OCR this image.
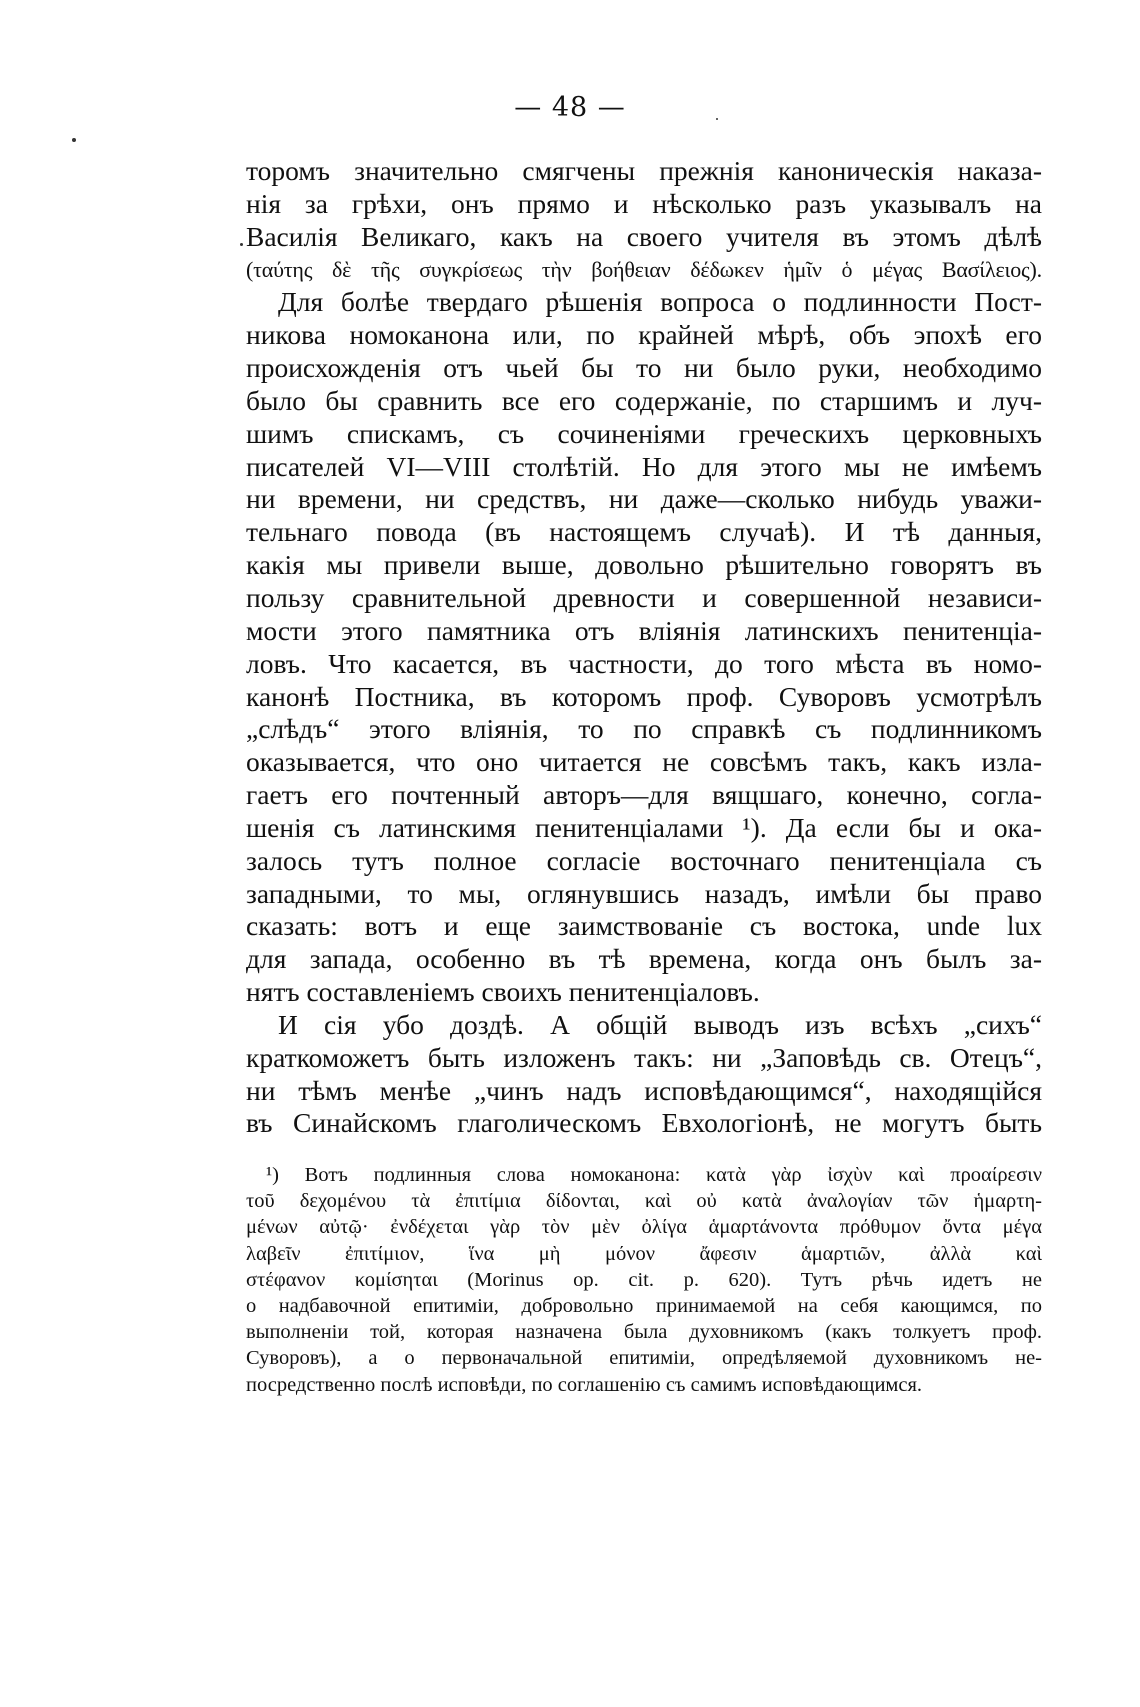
— 48 —
торомъ значительно смягчены прежнія каноническія наказа-
нія за грѣхи, онъ прямо и нѣсколько разъ указывалъ на
Василія Великаго, какъ на своего учителя въ этомъ дѣлѣ
(ταύτης δὲ τῆς συγκρίσεως τὴν βοήθειαν δέδωκεν ἡμῖν ὁ μέγας Βασίλειος).
Для болѣе твердаго рѣшенія вопроса о подлинности Пост-
никова номоканона или, по крайней мѣрѣ, объ эпохѣ его
происхожденія отъ чьей бы то ни было руки, необходимо
было бы сравнить все его содержаніе, по старшимъ и луч-
шимъ спискамъ, съ сочиненіями греческихъ церковныхъ
писателей VI—VIII столѣтій. Но для этого мы не имѣемъ
ни времени, ни средствъ, ни даже—сколько нибудь уважи-
тельнаго повода (въ настоящемъ случаѣ). И тѣ данныя,
какія мы привели выше, довольно рѣшительно говорятъ въ
пользу сравнительной древности и совершенной независи-
мости этого памятника отъ вліянія латинскихъ пенитенціа-
ловъ. Что касается, въ частности, до того мѣста въ номо-
канонѣ Постника, въ которомъ проф. Суворовъ усмотрѣлъ
„слѣдъ“ этого вліянія, то по справкѣ съ подлинникомъ
оказывается, что оно читается не совсѣмъ такъ, какъ изла-
гаетъ его почтенный авторъ—для вящшаго, конечно, согла-
шенія съ латинскимя пенитенціалами ¹). Да если бы и ока-
залось тутъ полное согласіе восточнаго пенитенціала съ
западными, то мы, оглянувшись назадъ, имѣли бы право
сказать: вотъ и еще заимствованіе съ востока, unde lux
для запада, особенно въ тѣ времена, когда онъ былъ за-
нятъ составленіемъ своихъ пенитенціаловъ.
И сія убо доздѣ. А общій выводъ изъ всѣхъ „сихъ“
краткоможетъ быть изложенъ такъ: ни „Заповѣдь св. Отецъ“,
ни тѣмъ менѣе „чинъ надъ исповѣдающимся“, находящійся
въ Синайскомъ глаголическомъ Евхологіонѣ, не могутъ быть
¹) Вотъ подлинныя слова номоканона: κατὰ γὰρ ἰσχὺν καὶ προαίρεσιν
τοῦ δεχομένου τὰ ἐπιτίμια δίδονται, καὶ οὐ κατὰ ἀναλογίαν τῶν ἡμαρτη-
μένων αὐτῷ· ἐνδέχεται γὰρ τὸν μὲν ὀλίγα ἁμαρτάνοντα πρόθυμον ὄντα μέγα
λαβεῖν ἐπιτίμιον, ἵνα μὴ μόνον ἄφεσιν ἁμαρτιῶν, ἀλλὰ καὶ
στέφανον κομίσηται (Morinus op. cit. p. 620). Тутъ рѣчь идетъ не
о надбавочной епитиміи, добровольно принимаемой на себя кающимся, по
выполненіи той, которая назначена была духовникомъ (какъ толкуетъ проф.
Суворовъ), а о первоначальной епитиміи, опредѣляемой духовникомъ не-
посредственно послѣ исповѣди, по соглашенію съ самимъ исповѣдающимся.
